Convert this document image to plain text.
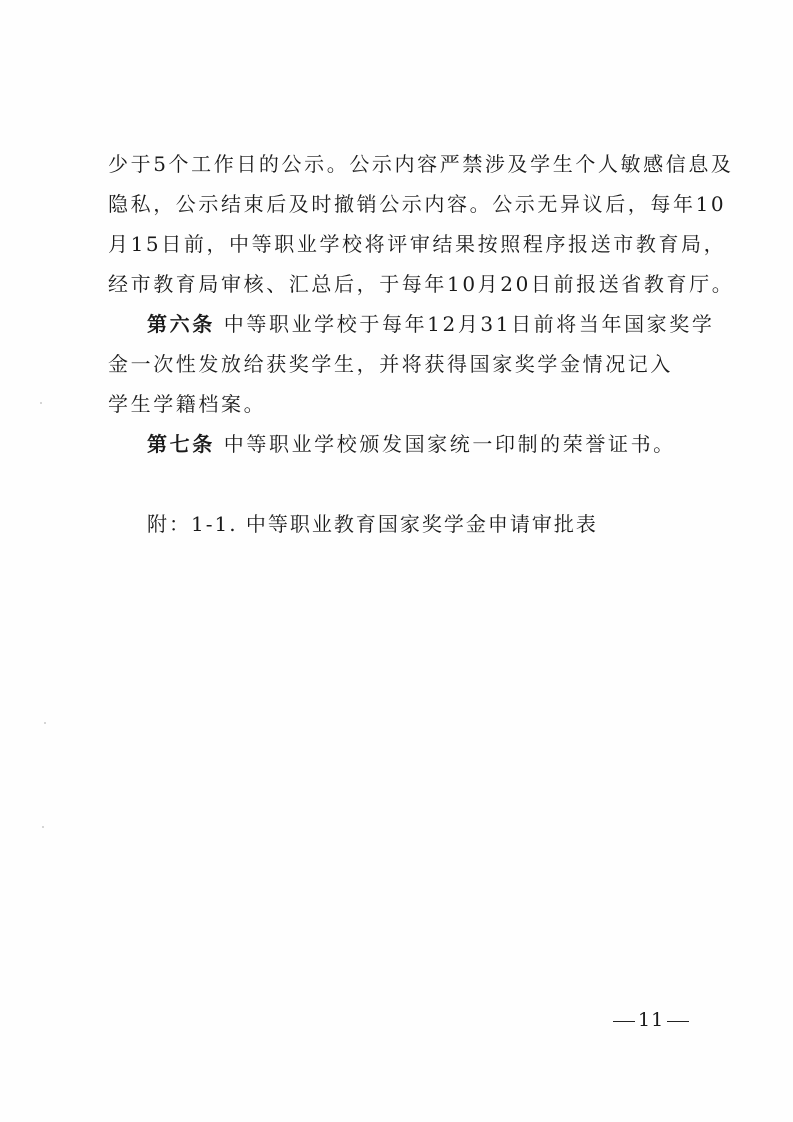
少于5个工作日的公示。公示内容严禁涉及学生个人敏感信息及
隐私，公示结束后及时撤销公示内容。公示无异议后，每年10
月15日前，中等职业学校将评审结果按照程序报送市教育局，
经市教育局审核、汇总后，于每年10月20日前报送省教育厅。
第六条 中等职业学校于每年12月31日前将当年国家奖学
金一次性发放给获奖学生，并将获得国家奖学金情况记入
学生学籍档案。
第七条 中等职业学校颁发国家统一印制的荣誉证书。
附：1-1. 中等职业教育国家奖学金申请审批表
11
